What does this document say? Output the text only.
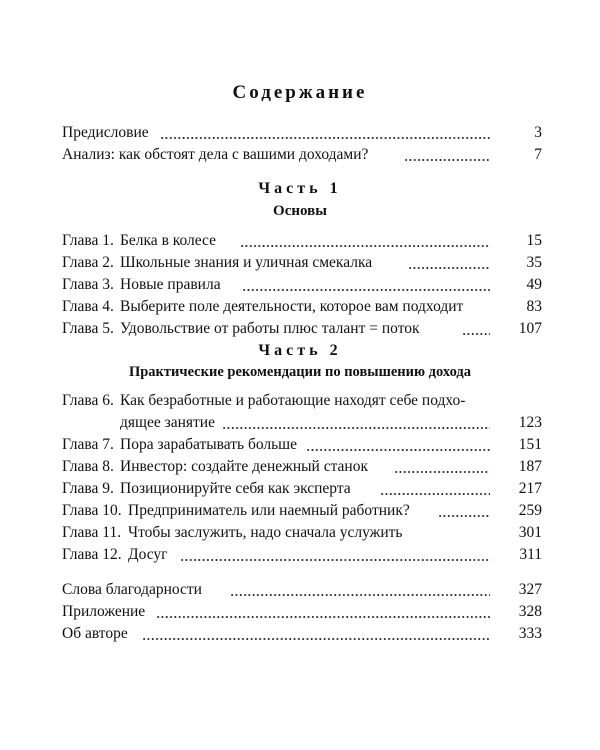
Содержание
Предисловие	3
Анализ: как обстоят дела с вашими доходами?	7
Часть 1
Основы
Глава 1. Белка в колесе	15
Глава 2. Школьные знания и уличная смекалка	35
Глава 3. Новые правила	49
Глава 4. Выберите поле деятельности, которое вам подходит	83
Глава 5. Удовольствие от работы плюс талант = поток	107
Часть 2
Практические рекомендации по повышению дохода
Глава 6. Как безработные и работающие находят себе подхо-
дящее занятие	123
Глава 7. Пора зарабатывать больше	151
Глава 8. Инвестор: создайте денежный станок	187
Глава 9. Позиционируйте себя как эксперта	217
Глава 10. Предприниматель или наемный работник?	259
Глава 11. Чтобы заслужить, надо сначала услужить	301
Глава 12. Досуг	311
Слова благодарности	327
Приложение	328
Об авторе	333
